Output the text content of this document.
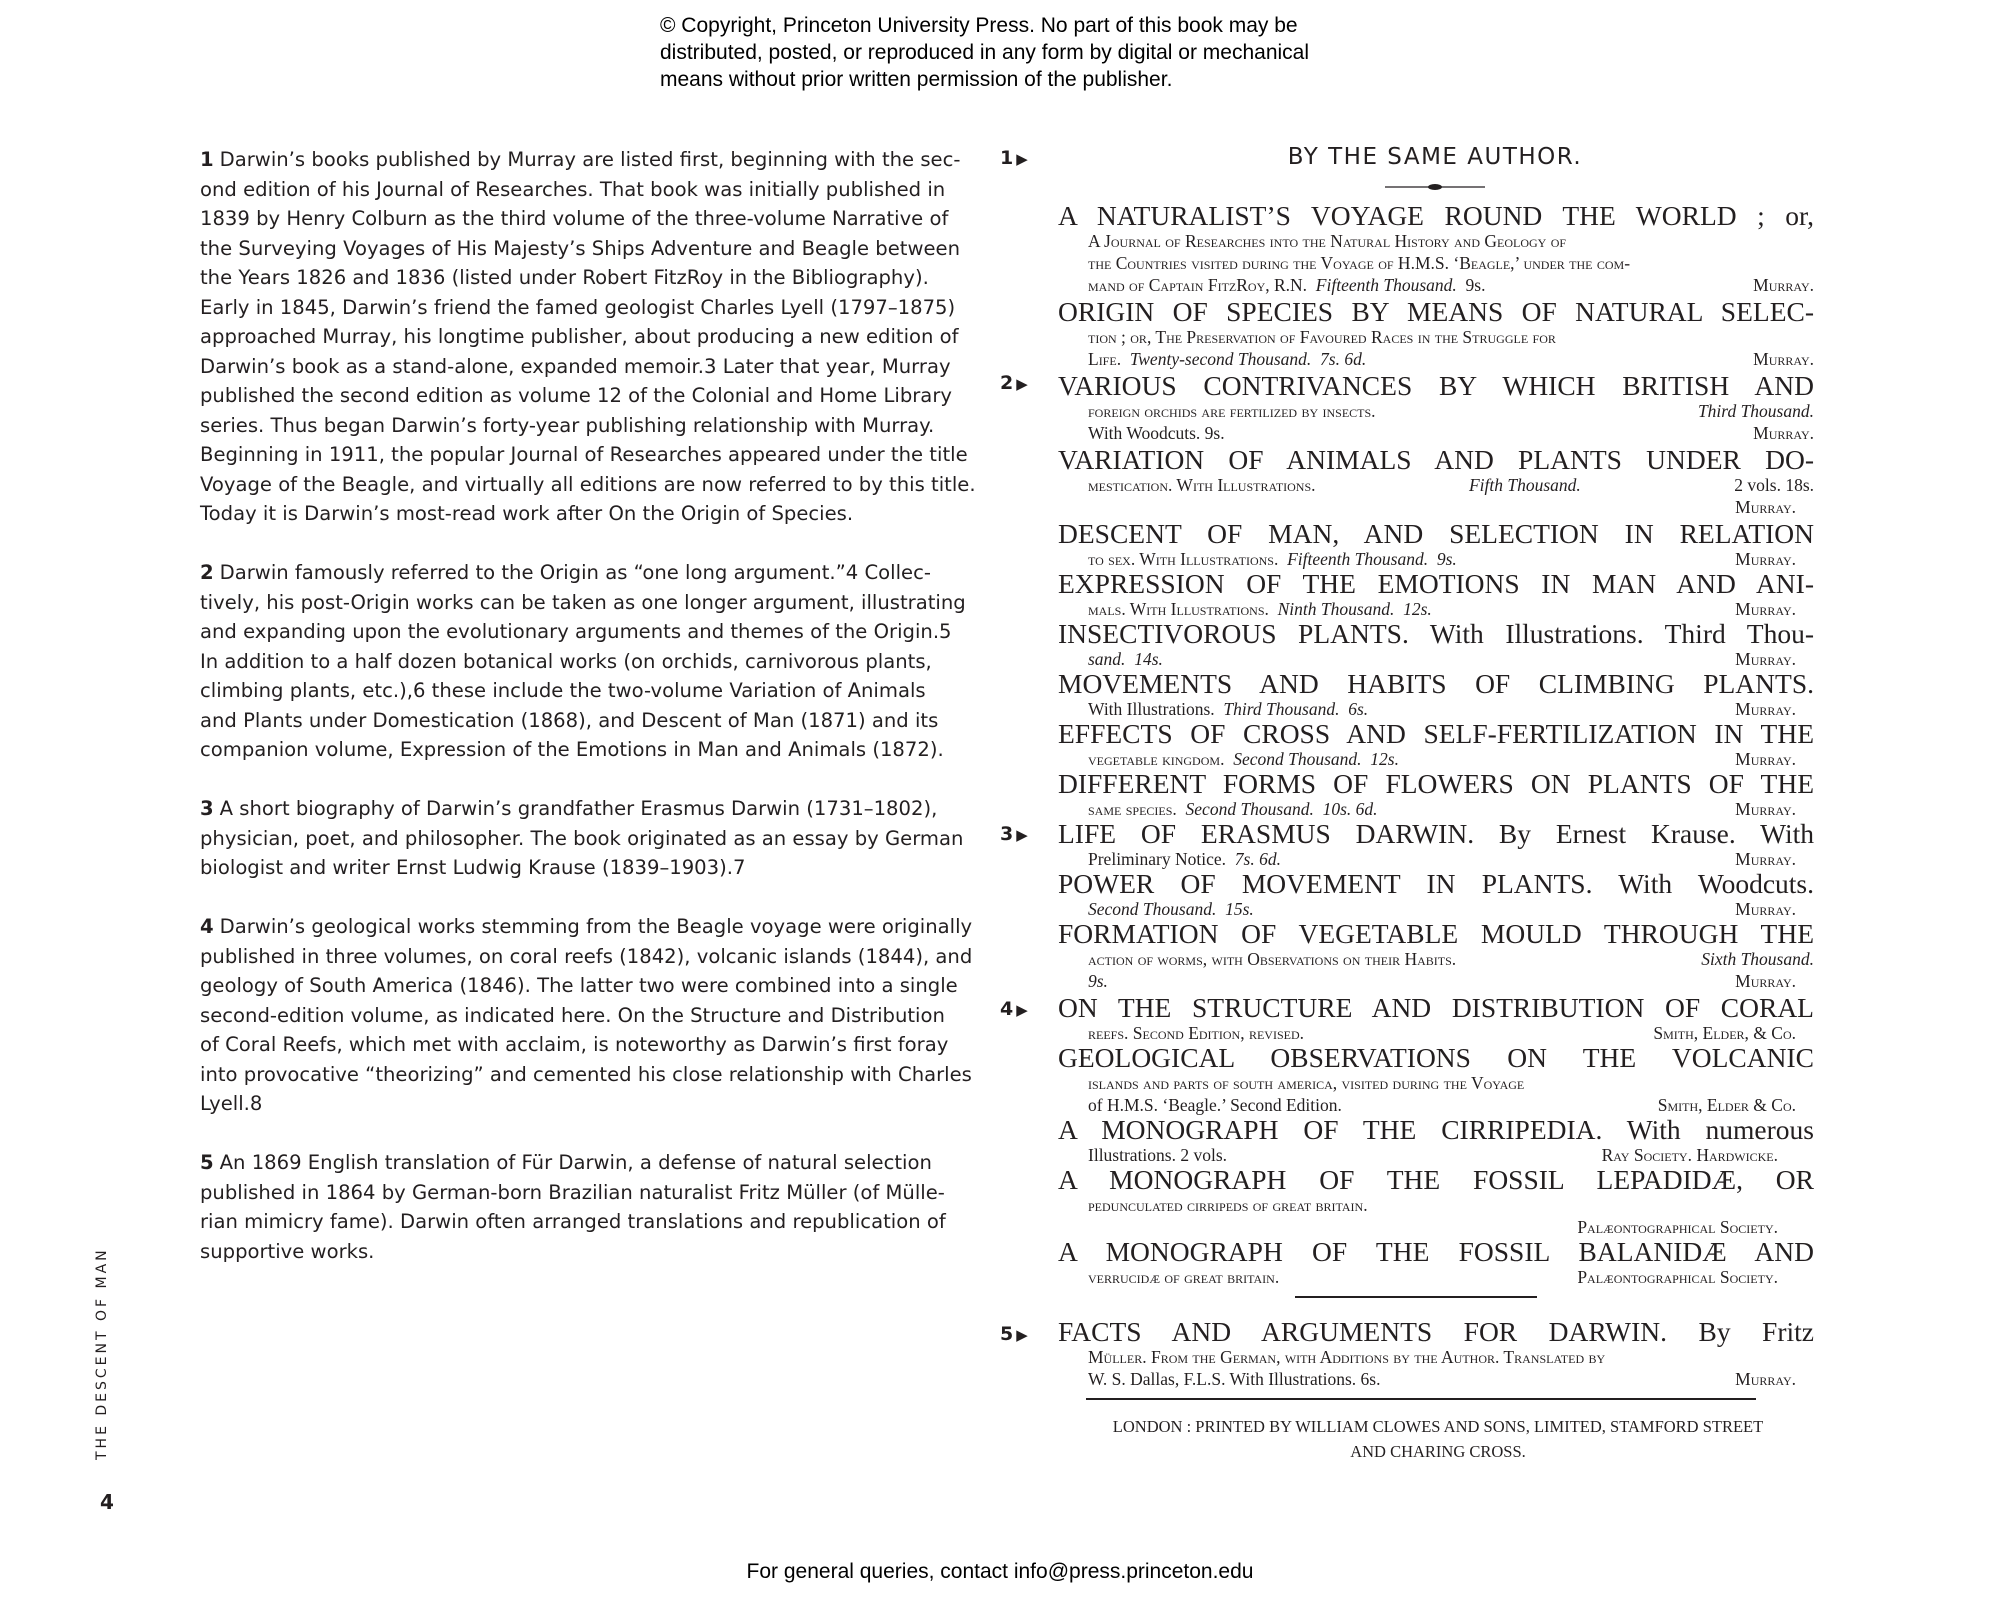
© Copyright, Princeton University Press. No part of this book may be
distributed, posted, or reproduced in any form by digital or mechanical
means without prior written permission of the publisher.
1 Darwin’s books published by Murray are listed first, beginning with the sec-

ond edition of his Journal of Researches. That book was initially published in
1839 by Henry Colburn as the third volume of the three-volume Narrative of
the Surveying Voyages of His Majesty’s Ships Adventure and Beagle between
the Years 1826 and 1836 (listed under Robert FitzRoy in the Bibliography).
Early in 1845, Darwin’s friend the famed geologist Charles Lyell (1797–1875)
approached Murray, his longtime publisher, about producing a new edition of
Darwin’s book as a stand-alone, expanded memoir.3 Later that year, Murray
published the second edition as volume 12 of the Colonial and Home Library
series. Thus began Darwin’s forty-year publishing relationship with Murray.
Beginning in 1911, the popular Journal of Researches appeared under the title
Voyage of the Beagle, and virtually all editions are now referred to by this title.
Today it is Darwin’s most-read work after On the Origin of Species.
2 Darwin famously referred to the Origin as “one long argument.”4 Collec-

tively, his post-Origin works can be taken as one longer argument, illustrating
and expanding upon the evolutionary arguments and themes of the Origin.5
In addition to a half dozen botanical works (on orchids, carnivorous plants,
climbing plants, etc.),6 these include the two-volume Variation of Animals
and Plants under Domestication (1868), and Descent of Man (1871) and its
companion volume, Expression of the Emotions in Man and Animals (1872).
3 A short biography of Darwin’s grandfather Erasmus Darwin (1731–1802),

physician, poet, and philosopher. The book originated as an essay by German
biologist and writer Ernst Ludwig Krause (1839–1903).7
4 Darwin’s geological works stemming from the Beagle voyage were originally

published in three volumes, on coral reefs (1842), volcanic islands (1844), and
geology of South America (1846). The latter two were combined into a single
second-edition volume, as indicated here. On the Structure and Distribution
of Coral Reefs, which met with acclaim, is noteworthy as Darwin’s first foray
into provocative “theorizing” and cemented his close relationship with Charles
Lyell.8
5 An 1869 English translation of Für Darwin, a defense of natural selection

published in 1864 by German-born Brazilian naturalist Fritz Müller (of Mülle-
rian mimicry fame). Darwin often arranged translations and republication of
supportive works.
THE DESCENT OF MAN
4
1 ▶
2 ▶
3 ▶
4 ▶
5 ▶
BY THE SAME AUTHOR.
A NATURALIST’S VOYAGE ROUND THE WORLD ; or,
A Journal of Researches into the Natural History and Geology of
the Countries visited during the Voyage of H.M.S. ‘Beagle,’ under the com-
mand of Captain FitzRoy, R.N. Fifteenth Thousand. 9s.	Murray.
ORIGIN OF SPECIES BY MEANS OF NATURAL SELEC-
tion ; or, The Preservation of Favoured Races in the Struggle for
Life. Twenty-second Thousand. 7s. 6d.	Murray.
VARIOUS CONTRIVANCES BY WHICH BRITISH AND
foreign orchids are fertilized by insects.	Third Thousand.
With Woodcuts. 9s.	Murray.
VARIATION OF ANIMALS AND PLANTS UNDER DO-
mestication. With Illustrations.	Fifth Thousand.	2 vols. 18s.
Murray.
DESCENT OF MAN, AND SELECTION IN RELATION
to sex. With Illustrations. Fifteenth Thousand. 9s.	Murray.
EXPRESSION OF THE EMOTIONS IN MAN AND ANI-
mals. With Illustrations. Ninth Thousand. 12s.	Murray.
INSECTIVOROUS PLANTS. With Illustrations. Third Thou-
sand. 14s.	Murray.
MOVEMENTS AND HABITS OF CLIMBING PLANTS.
With Illustrations. Third Thousand. 6s.	Murray.
EFFECTS OF CROSS AND SELF-FERTILIZATION IN THE
vegetable kingdom. Second Thousand. 12s.	Murray.
DIFFERENT FORMS OF FLOWERS ON PLANTS OF THE
same species. Second Thousand. 10s. 6d.	Murray.
LIFE OF ERASMUS DARWIN. By Ernest Krause. With
Preliminary Notice. 7s. 6d.	Murray.
POWER OF MOVEMENT IN PLANTS. With Woodcuts.
Second Thousand. 15s.	Murray.
FORMATION OF VEGETABLE MOULD THROUGH THE
action of worms, with Observations on their Habits.	Sixth Thousand.
9s.	Murray.
ON THE STRUCTURE AND DISTRIBUTION OF CORAL
reefs. Second Edition, revised.	Smith, Elder, & Co.
GEOLOGICAL OBSERVATIONS ON THE VOLCANIC
islands and parts of south america, visited during the Voyage
of H.M.S. ‘Beagle.’ Second Edition.	Smith, Elder & Co.
A MONOGRAPH OF THE CIRRIPEDIA. With numerous
Illustrations. 2 vols.	Ray Society. Hardwicke.
A MONOGRAPH OF THE FOSSIL LEPADIDÆ, OR
pedunculated cirripeds of great britain.
Palæontographical Society.
A MONOGRAPH OF THE FOSSIL BALANIDÆ AND
verrucidæ of great britain.	Palæontographical Society.
FACTS AND ARGUMENTS FOR DARWIN. By Fritz
Müller. From the German, with Additions by the Author. Translated by
W. S. Dallas, F.L.S. With Illustrations. 6s.	Murray.
LONDON : PRINTED BY WILLIAM CLOWES AND SONS, LIMITED, STAMFORD STREET
AND CHARING CROSS.
For general queries, contact info@press.princeton.edu
